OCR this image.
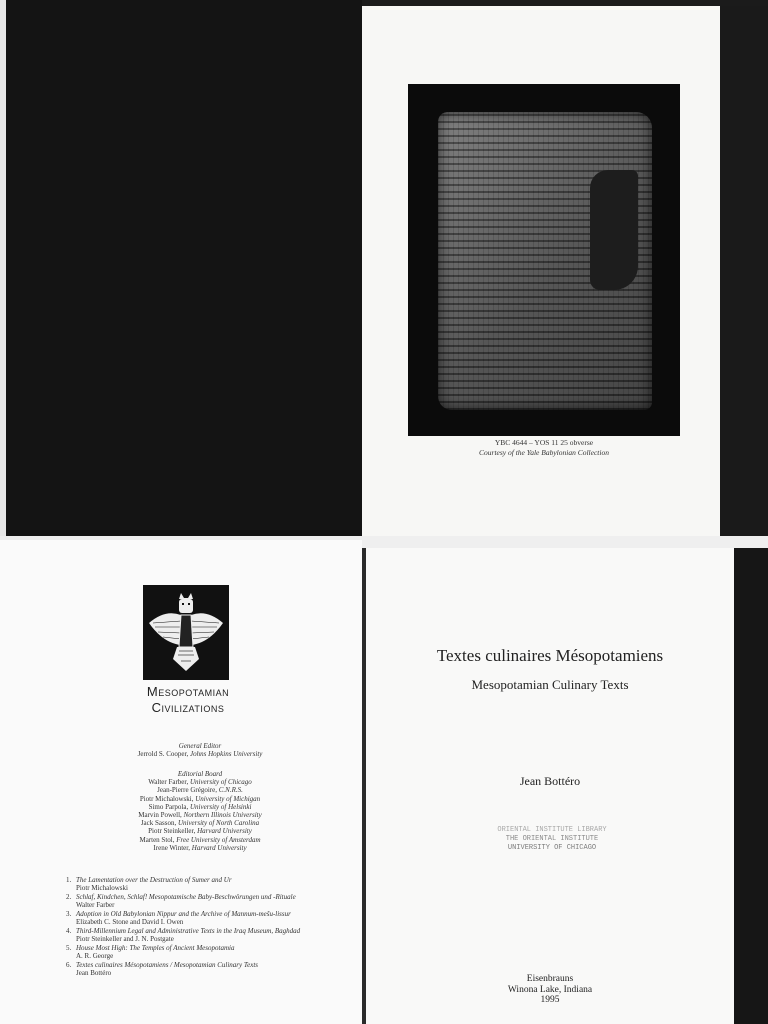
YBC 4644 – YOS 11 25 obverse
Courtesy of the Yale Babylonian Collection
Mesopotamian
Civilizations
General Editor
Jerrold S. Cooper, Johns Hopkins University
Editorial Board
Walter Farber, University of Chicago
Jean-Pierre Grégoire, C.N.R.S.
Piotr Michalowski, University of Michigan
Simo Parpola, University of Helsinki
Marvin Powell, Northern Illinois University
Jack Sasson, University of North Carolina
Piotr Steinkeller, Harvard University
Marten Stol, Free University of Amsterdam
Irene Winter, Harvard University
1. The Lamentation over the Destruction of Sumer and Ur
Piotr Michalowski
2. Schlaf, Kindchen, Schlaf! Mesopotamische Baby-Beschwörungen und -Rituale
Walter Farber
3. Adoption in Old Babylonian Nippur and the Archive of Mannum-mešu-lissur
Elizabeth C. Stone and David I. Owen
4. Third-Millennium Legal and Administrative Texts in the Iraq Museum, Baghdad
Piotr Steinkeller and J. N. Postgate
5. House Most High: The Temples of Ancient Mesopotamia
A. R. George
6. Textes culinaires Mésopotamiens / Mesopotamian Culinary Texts
Jean Bottéro
Textes culinaires Mésopotamiens
Mesopotamian Culinary Texts
Jean Bottéro
ORIENTAL INSTITUTE LIBRARY
THE ORIENTAL INSTITUTE
UNIVERSITY OF CHICAGO
Eisenbrauns
Winona Lake, Indiana
1995
